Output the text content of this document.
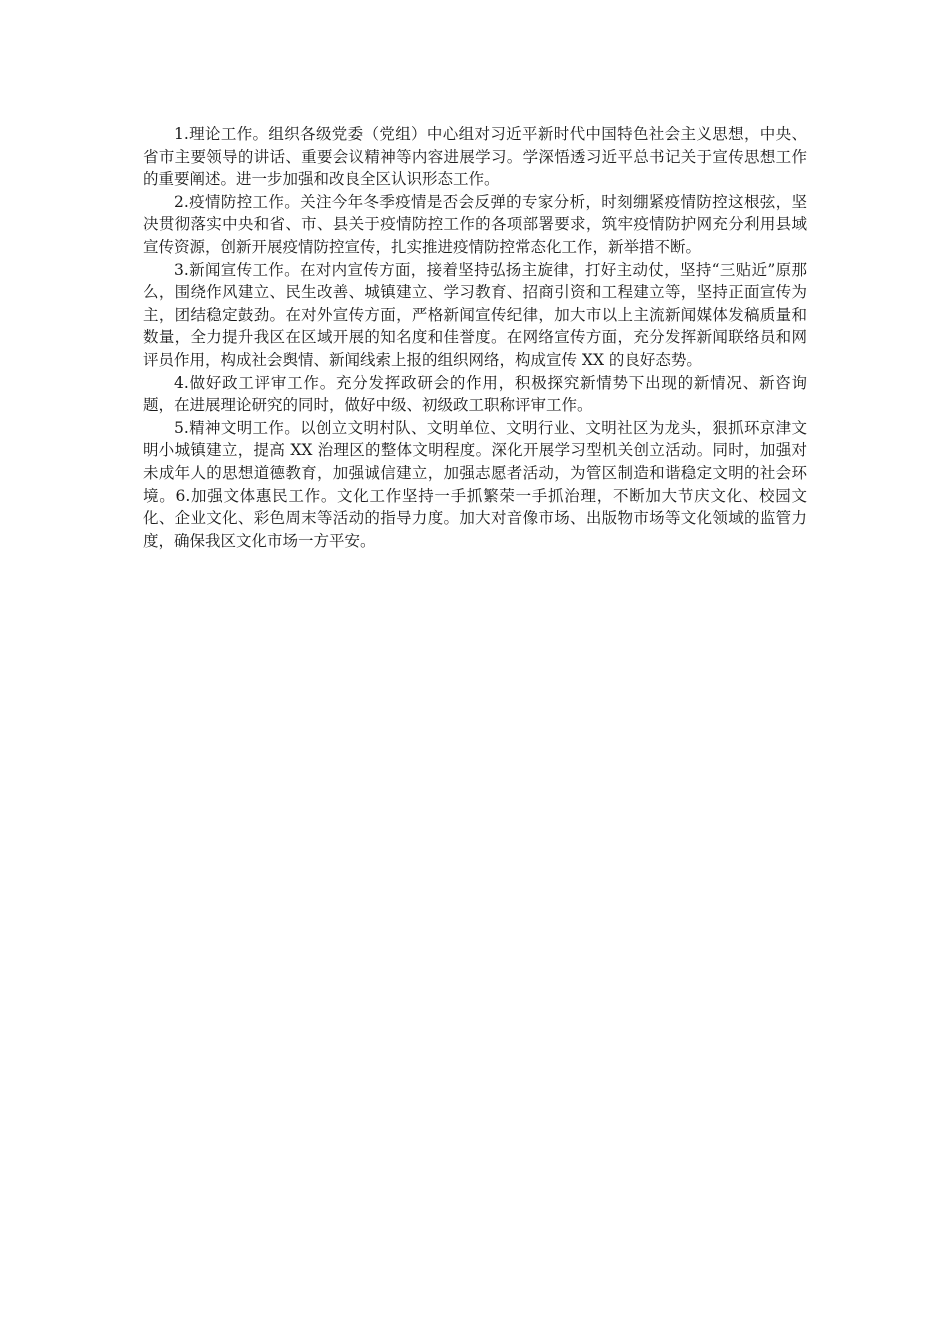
1.理论工作。组织各级党委（党组）中心组对习近平新时代中国特色社会主义思想，中央、省市主要领导的讲话、重要会议精神等内容进展学习。学深悟透习近平总书记关于宣传思想工作的重要阐述。进一步加强和改良全区认识形态工作。

2.疫情防控工作。关注今年冬季疫情是否会反弹的专家分析，时刻绷紧疫情防控这根弦，坚决贯彻落实中央和省、市、县关于疫情防控工作的各项部署要求，筑牢疫情防护网充分利用县域宣传资源，创新开展疫情防控宣传，扎实推进疫情防控常态化工作，新举措不断。

3.新闻宣传工作。在对内宣传方面，接着坚持弘扬主旋律，打好主动仗，坚持“三贴近”原那么，围绕作风建立、民生改善、城镇建立、学习教育、招商引资和工程建立等，坚持正面宣传为主，团结稳定鼓劲。在对外宣传方面，严格新闻宣传纪律，加大市以上主流新闻媒体发稿质量和数量，全力提升我区在区域开展的知名度和佳誉度。在网络宣传方面，充分发挥新闻联络员和网评员作用，构成社会舆情、新闻线索上报的组织网络，构成宣传 XX 的良好态势。

4.做好政工评审工作。充分发挥政研会的作用，积极探究新情势下出现的新情况、新咨询题，在进展理论研究的同时，做好中级、初级政工职称评审工作。

5.精神文明工作。以创立文明村队、文明单位、文明行业、文明社区为龙头，狠抓环京津文明小城镇建立，提高 XX 治理区的整体文明程度。深化开展学习型机关创立活动。同时，加强对未成年人的思想道德教育，加强诚信建立，加强志愿者活动，为管区制造和谐稳定文明的社会环境。6.加强文体惠民工作。文化工作坚持一手抓繁荣一手抓治理，不断加大节庆文化、校园文化、企业文化、彩色周末等活动的指导力度。加大对音像市场、出版物市场等文化领域的监管力度，确保我区文化市场一方平安。
